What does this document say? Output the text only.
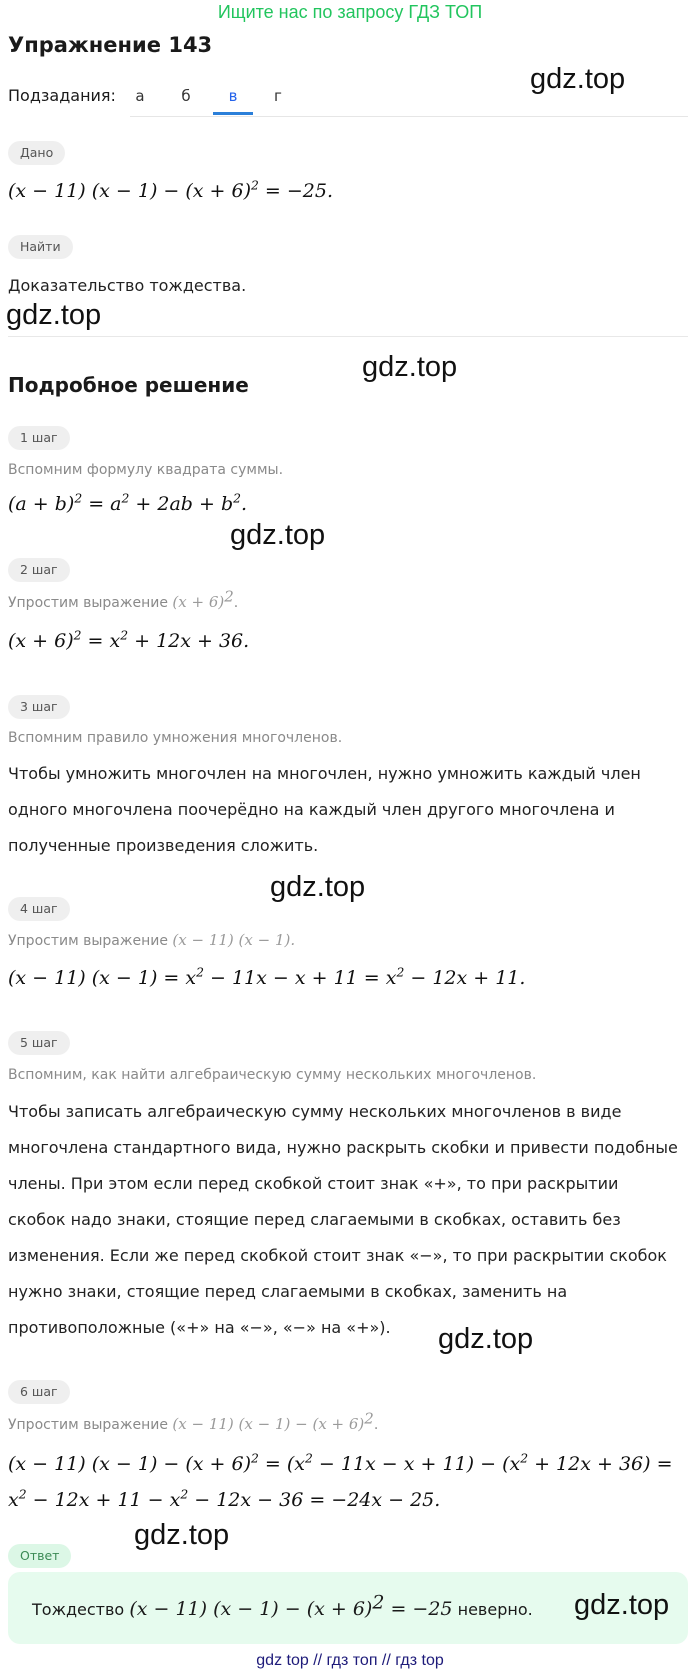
Ищите нас по запросу ГДЗ ТОП
Упражнение 143
Подзадания:	а	б	в	г
Дано
(x − 11) $(x - 1) - (x + 6)^2 = -25$.
Найти
Доказательство тождества.
Подробное решение
1 шаг
Вспомним формулу квадрата суммы.
$(a + b)^2 = a^2 + 2ab + b^2$.
2 шаг
Упростим выражение $(x + 6)^2$.
$(x + 6)^2 = x^2 + 12x + 36$.
3 шаг
Вспомним правило умножения многочленов.
Чтобы умножить многочлен на многочлен, нужно умножить каждый член
одного многочлена поочерёдно на каждый член другого многочлена и
полученные произведения сложить.
4 шаг
Упростим выражение (x − 11) (x − 1).
(x − 11) $(x - 1) = x^2 - 11x - x + 11 = x^2 - 12x + 11$.
5 шаг
Вспомним, как найти алгебраическую сумму нескольких многочленов.
Чтобы записать алгебраическую сумму нескольких многочленов в виде
многочлена стандартного вида, нужно раскрыть скобки и привести подобные
члены. При этом если перед скобкой стоит знак «+», то при раскрытии
скобок надо знаки, стоящие перед слагаемыми в скобках, оставить без
изменения. Если же перед скобкой стоит знак «−», то при раскрытии скобок
нужно знаки, стоящие перед слагаемыми в скобках, заменить на
противоположные («+» на «−», «−» на «+»).
6 шаг
Упростим выражение (x − 11) $(x - 1) - (x + 6)^2$.
(x − 11) $(x - 1) - (x + 6)^2 = (x^2 - 11x - x + 11) - (x^2 + 12x + 36)$ =
$x^2 - 12x + 11 - x^2 - 12x - 36 = -24x - 25$.
Ответ
Тождество (x − 11) $(x - 1) - (x + 6)^2 = -25$ неверно.
gdz.top
gdz.top
gdz.top
gdz.top
gdz.top
gdz.top
gdz.top
gdz.top
gdz top // гдз топ // гдз top
